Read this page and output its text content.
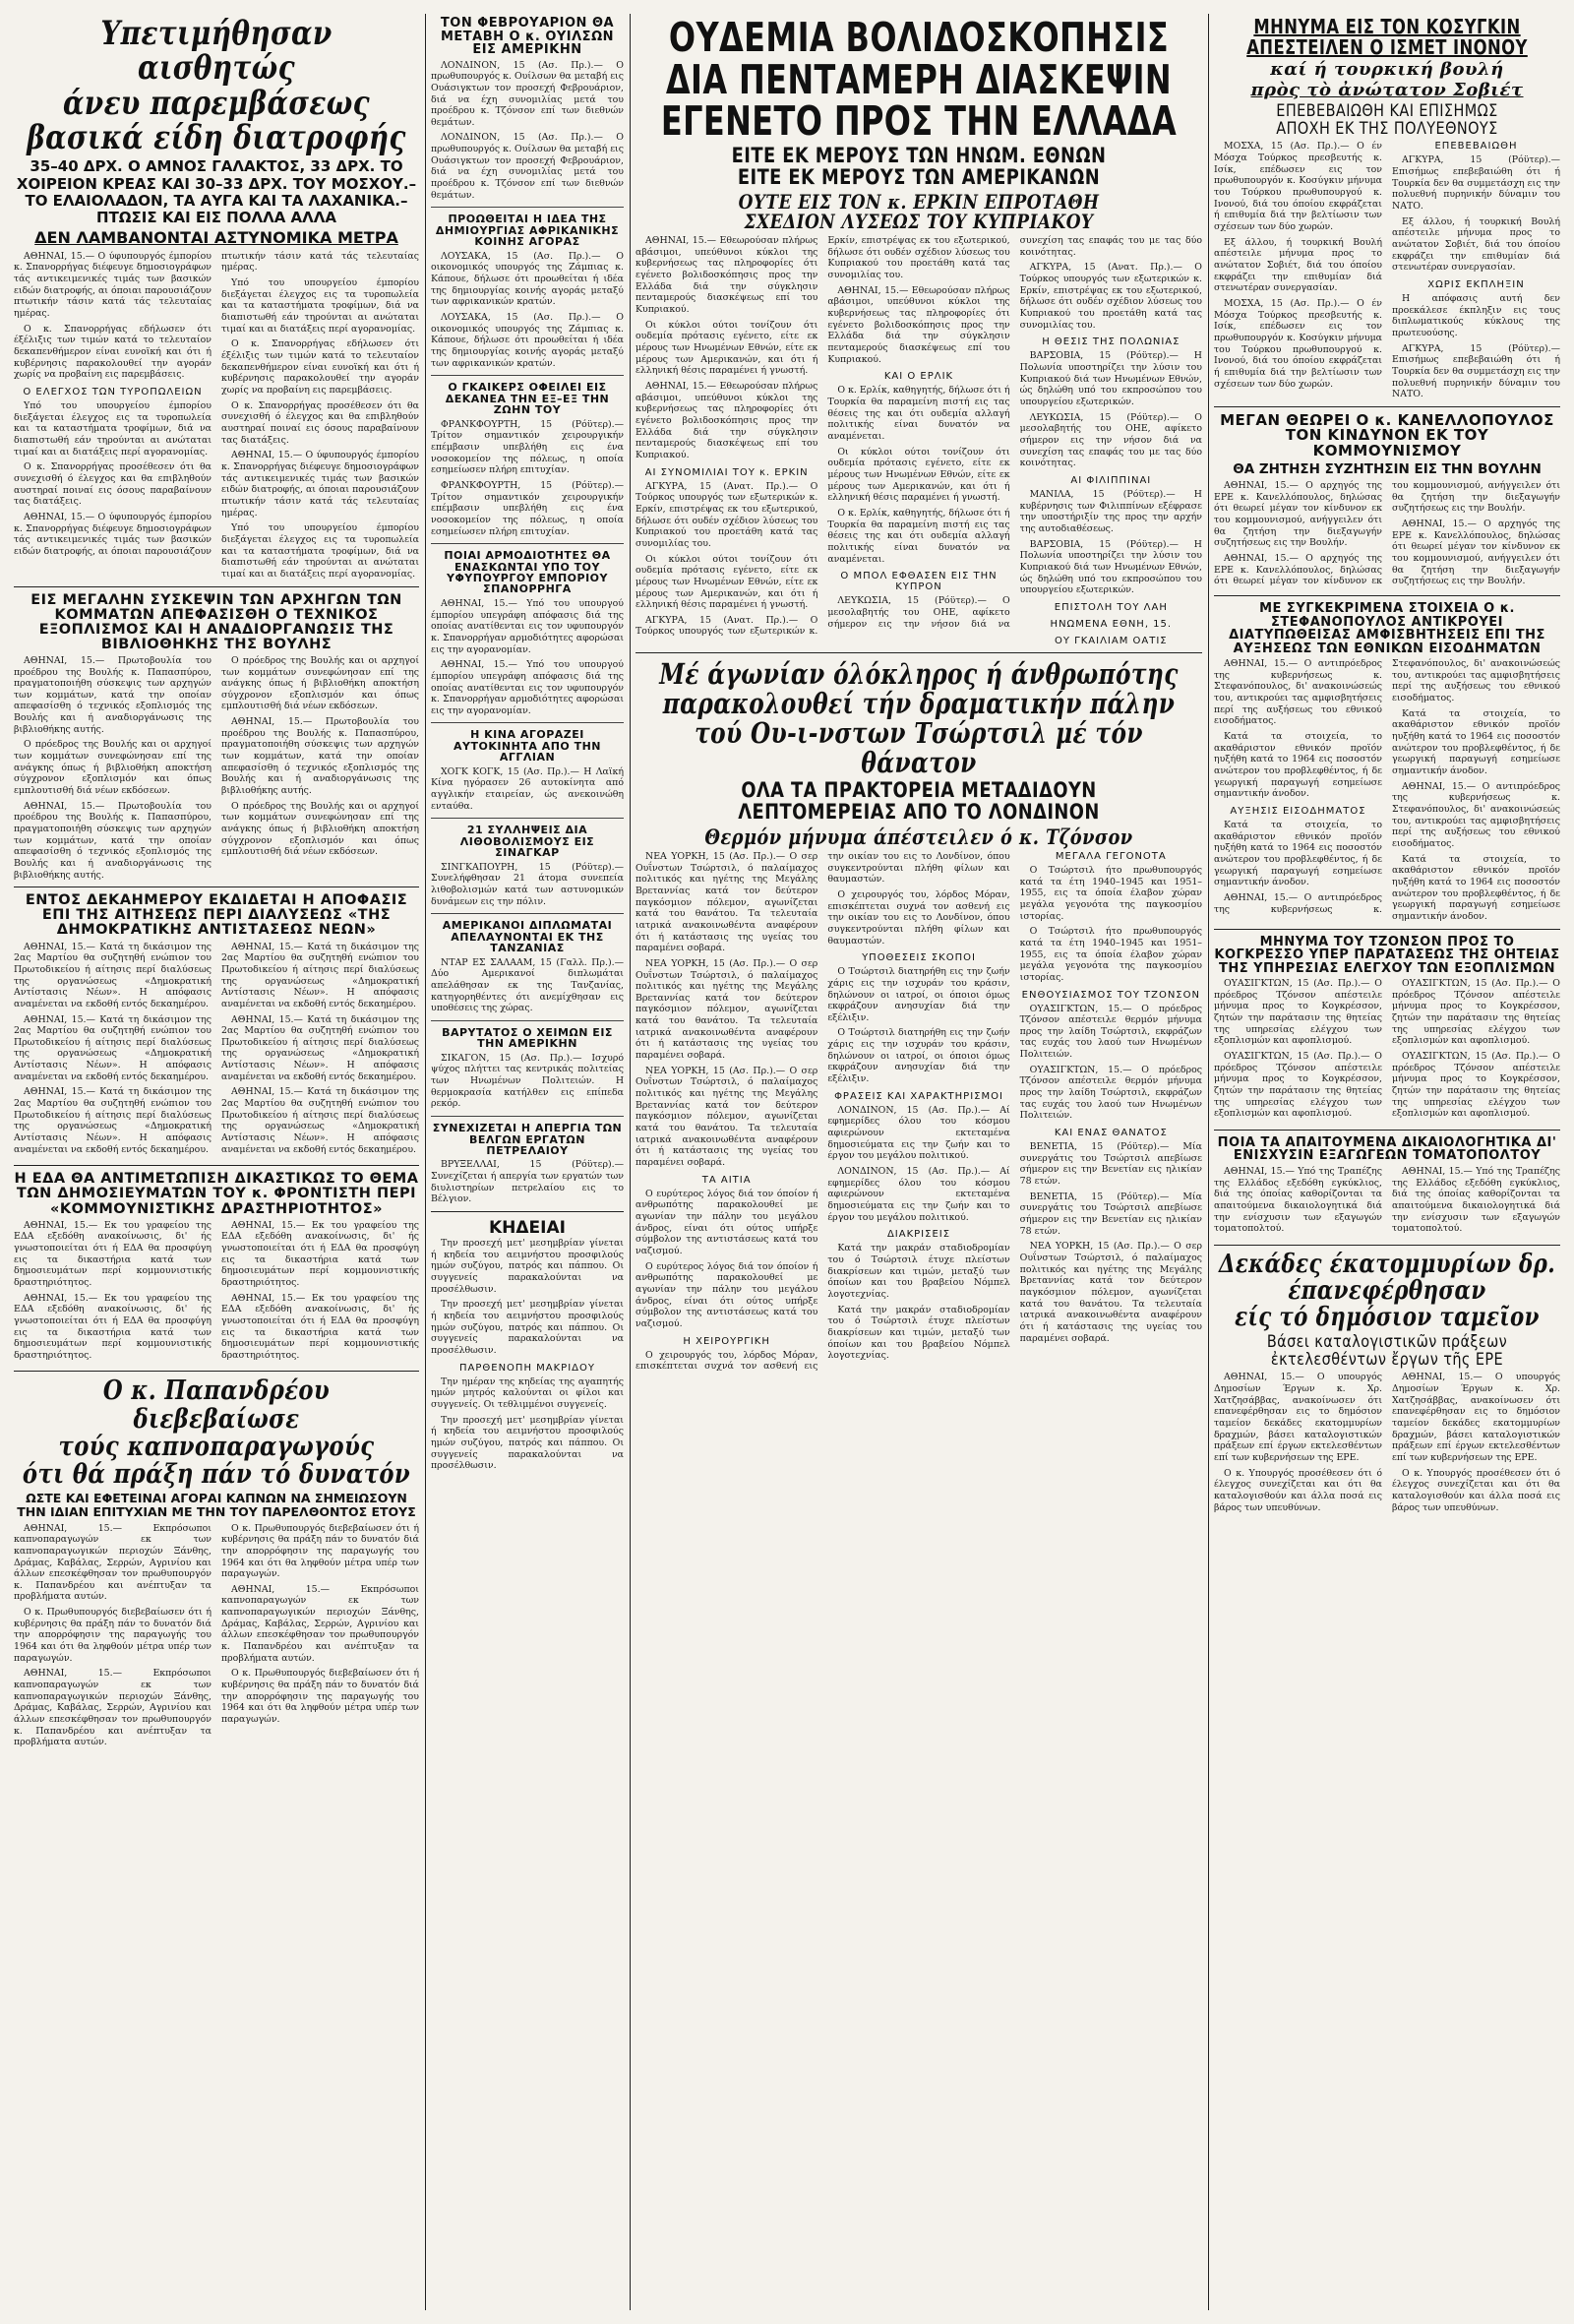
Υπετιμήθησαν αισθητώς
άνευ παρεμβάσεως
βασικά είδη διατροφής
35–40 ΔΡΧ. Ο ΑΜΝΟΣ ΓΑΛΑΚΤΟΣ, 33 ΔΡΧ. ΤΟ ΧΟΙΡΕΙΟΝ ΚΡΕΑΣ ΚΑΙ 30–33 ΔΡΧ. ΤΟΥ ΜΟΣΧΟΥ.– ΤΟ ΕΛΑΙΟΛΑΔΟΝ, ΤΑ ΑΥΓΑ ΚΑΙ ΤΑ ΛΑΧΑΝΙΚΑ.– ΠΤΩΣΙΣ ΚΑΙ ΕΙΣ ΠΟΛΛΑ ΑΛΛΑ
ΔΕΝ ΛΑΜΒΑΝΟΝΤΑΙ ΑΣΤΥΝΟΜΙΚΑ ΜΕΤΡΑ

ΑΘΗΝΑΙ, 15.— Ο ύφυπουργός έμπορίου κ. Σπανορρήγας διέφευγε δημοσιογράφων τάς αντικειμενικές τιμάς των βασικών ειδών διατροφής, αι όποιαι παρουσιάζουν πτωτικήν τάσιν κατά τάς τελευταίας ημέρας.

Ο κ. Σπανορρήγας εδήλωσεν ότι έξέλιξις των τιμών κατά το τελευταίον δεκαπενθήμερον είναι ευνοϊκή και ότι ή κυβέρνησις παρακολουθεί την αγοράν χωρίς να προβαίνη εις παρεμβάσεις.

Ο ΕΛΕΓΧΟΣ ΤΩΝ ΤΥΡΟΠΩΛΕΙΩΝ

Υπό του υπουργείου έμπορίου διεξάγεται έλεγχος εις τα τυροπωλεία και τα καταστήματα τροφίμων, διά να διαπιστωθή εάν τηρούνται αι ανώταται τιμαί και αι διατάξεις περί αγορανομίας.

Ο κ. Σπανορρήγας προσέθεσεν ότι θα συνεχισθή ό έλεγχος και θα επιβληθούν αυστηραί ποιναί εις όσους παραβαίνουν τας διατάξεις.

ΑΘΗΝΑΙ, 15.— Ο ύφυπουργός έμπορίου κ. Σπανορρήγας διέφευγε δημοσιογράφων τάς αντικειμενικές τιμάς των βασικών ειδών διατροφής, αι όποιαι παρουσιάζουν πτωτικήν τάσιν κατά τάς τελευταίας ημέρας.

Υπό του υπουργείου έμπορίου διεξάγεται έλεγχος εις τα τυροπωλεία και τα καταστήματα τροφίμων, διά να διαπιστωθή εάν τηρούνται αι ανώταται τιμαί και αι διατάξεις περί αγορανομίας.

Ο κ. Σπανορρήγας εδήλωσεν ότι έξέλιξις των τιμών κατά το τελευταίον δεκαπενθήμερον είναι ευνοϊκή και ότι ή κυβέρνησις παρακολουθεί την αγοράν χωρίς να προβαίνη εις παρεμβάσεις.

Ο κ. Σπανορρήγας προσέθεσεν ότι θα συνεχισθή ό έλεγχος και θα επιβληθούν αυστηραί ποιναί εις όσους παραβαίνουν τας διατάξεις.

ΑΘΗΝΑΙ, 15.— Ο ύφυπουργός έμπορίου κ. Σπανορρήγας διέφευγε δημοσιογράφων τάς αντικειμενικές τιμάς των βασικών ειδών διατροφής, αι όποιαι παρουσιάζουν πτωτικήν τάσιν κατά τάς τελευταίας ημέρας.

Υπό του υπουργείου έμπορίου διεξάγεται έλεγχος εις τα τυροπωλεία και τα καταστήματα τροφίμων, διά να διαπιστωθή εάν τηρούνται αι ανώταται τιμαί και αι διατάξεις περί αγορανομίας.

ΕΙΣ ΜΕΓΑΛΗΝ ΣΥΣΚΕΨΙΝ ΤΩΝ ΑΡΧΗΓΩΝ ΤΩΝ ΚΟΜΜΑΤΩΝ ΑΠΕΦΑΣΙΣΘΗ Ο ΤΕΧΝΙΚΟΣ ΕΞΟΠΛΙΣΜΟΣ ΚΑΙ Η ΑΝΑΔΙΟΡΓΑΝΩΣΙΣ ΤΗΣ ΒΙΒΛΙΟΘΗΚΗΣ ΤΗΣ ΒΟΥΛΗΣ

ΑΘΗΝΑΙ, 15.— Πρωτοβουλία του προέδρου της Βουλής κ. Παπασπύρου, πραγματοποιήθη σύσκεψις των αρχηγών των κομμάτων, κατά την οποίαν απεφασίσθη ό τεχνικός εξοπλισμός της Βουλής και ή αναδιοργάνωσις της βιβλιοθήκης αυτής.

Ο πρόεδρος της Βουλής και οι αρχηγοί των κομμάτων συνεφώνησαν επί της ανάγκης όπως ή βιβλιοθήκη αποκτήση σύγχρονον εξοπλισμόν και όπως εμπλουτισθή διά νέων εκδόσεων.

ΑΘΗΝΑΙ, 15.— Πρωτοβουλία του προέδρου της Βουλής κ. Παπασπύρου, πραγματοποιήθη σύσκεψις των αρχηγών των κομμάτων, κατά την οποίαν απεφασίσθη ό τεχνικός εξοπλισμός της Βουλής και ή αναδιοργάνωσις της βιβλιοθήκης αυτής.

Ο πρόεδρος της Βουλής και οι αρχηγοί των κομμάτων συνεφώνησαν επί της ανάγκης όπως ή βιβλιοθήκη αποκτήση σύγχρονον εξοπλισμόν και όπως εμπλουτισθή διά νέων εκδόσεων.

ΑΘΗΝΑΙ, 15.— Πρωτοβουλία του προέδρου της Βουλής κ. Παπασπύρου, πραγματοποιήθη σύσκεψις των αρχηγών των κομμάτων, κατά την οποίαν απεφασίσθη ό τεχνικός εξοπλισμός της Βουλής και ή αναδιοργάνωσις της βιβλιοθήκης αυτής.

Ο πρόεδρος της Βουλής και οι αρχηγοί των κομμάτων συνεφώνησαν επί της ανάγκης όπως ή βιβλιοθήκη αποκτήση σύγχρονον εξοπλισμόν και όπως εμπλουτισθή διά νέων εκδόσεων.

ΕΝΤΟΣ ΔΕΚΑΗΜΕΡΟΥ ΕΚΔΙΔΕΤΑΙ Η ΑΠΟΦΑΣΙΣ ΕΠΙ ΤΗΣ ΑΙΤΗΣΕΩΣ ΠΕΡΙ ΔΙΑΛΥΣΕΩΣ «ΤΗΣ ΔΗΜΟΚΡΑΤΙΚΗΣ ΑΝΤΙΣΤΑΣΕΩΣ ΝΕΩΝ»

ΑΘΗΝΑΙ, 15.— Κατά τη δικάσιμον της 2ας Μαρτίου θα συζητηθή ενώπιον του Πρωτοδικείου ή αίτησις περί διαλύσεως της οργανώσεως «Δημοκρατική Αντίστασις Νέων». Η απόφασις αναμένεται να εκδοθή εντός δεκαημέρου.

ΑΘΗΝΑΙ, 15.— Κατά τη δικάσιμον της 2ας Μαρτίου θα συζητηθή ενώπιον του Πρωτοδικείου ή αίτησις περί διαλύσεως της οργανώσεως «Δημοκρατική Αντίστασις Νέων». Η απόφασις αναμένεται να εκδοθή εντός δεκαημέρου.

ΑΘΗΝΑΙ, 15.— Κατά τη δικάσιμον της 2ας Μαρτίου θα συζητηθή ενώπιον του Πρωτοδικείου ή αίτησις περί διαλύσεως της οργανώσεως «Δημοκρατική Αντίστασις Νέων». Η απόφασις αναμένεται να εκδοθή εντός δεκαημέρου.

ΑΘΗΝΑΙ, 15.— Κατά τη δικάσιμον της 2ας Μαρτίου θα συζητηθή ενώπιον του Πρωτοδικείου ή αίτησις περί διαλύσεως της οργανώσεως «Δημοκρατική Αντίστασις Νέων». Η απόφασις αναμένεται να εκδοθή εντός δεκαημέρου.

ΑΘΗΝΑΙ, 15.— Κατά τη δικάσιμον της 2ας Μαρτίου θα συζητηθή ενώπιον του Πρωτοδικείου ή αίτησις περί διαλύσεως της οργανώσεως «Δημοκρατική Αντίστασις Νέων». Η απόφασις αναμένεται να εκδοθή εντός δεκαημέρου.

ΑΘΗΝΑΙ, 15.— Κατά τη δικάσιμον της 2ας Μαρτίου θα συζητηθή ενώπιον του Πρωτοδικείου ή αίτησις περί διαλύσεως της οργανώσεως «Δημοκρατική Αντίστασις Νέων». Η απόφασις αναμένεται να εκδοθή εντός δεκαημέρου.

Η ΕΔΑ ΘΑ ΑΝΤΙΜΕΤΩΠΙΣΗ ΔΙΚΑΣΤΙΚΩΣ ΤΟ ΘΕΜΑ ΤΩΝ ΔΗΜΟΣΙΕΥΜΑΤΩΝ ΤΟΥ κ. ΦΡΟΝΤΙΣΤΗ ΠΕΡΙ «ΚΟΜΜΟΥΝΙΣΤΙΚΗΣ ΔΡΑΣΤΗΡΙΟΤΗΤΟΣ»

ΑΘΗΝΑΙ, 15.— Εκ του γραφείου της ΕΔΑ εξεδόθη ανακοίνωσις, δι' ής γνωστοποιείται ότι ή ΕΔΑ θα προσφύγη εις τα δικαστήρια κατά των δημοσιευμάτων περί κομμουνιστικής δραστηριότητος.

ΑΘΗΝΑΙ, 15.— Εκ του γραφείου της ΕΔΑ εξεδόθη ανακοίνωσις, δι' ής γνωστοποιείται ότι ή ΕΔΑ θα προσφύγη εις τα δικαστήρια κατά των δημοσιευμάτων περί κομμουνιστικής δραστηριότητος.

ΑΘΗΝΑΙ, 15.— Εκ του γραφείου της ΕΔΑ εξεδόθη ανακοίνωσις, δι' ής γνωστοποιείται ότι ή ΕΔΑ θα προσφύγη εις τα δικαστήρια κατά των δημοσιευμάτων περί κομμουνιστικής δραστηριότητος.

ΑΘΗΝΑΙ, 15.— Εκ του γραφείου της ΕΔΑ εξεδόθη ανακοίνωσις, δι' ής γνωστοποιείται ότι ή ΕΔΑ θα προσφύγη εις τα δικαστήρια κατά των δημοσιευμάτων περί κομμουνιστικής δραστηριότητος.

Ο κ. Παπανδρέου διεβεβαίωσε
τούς καπνοπαραγωγούς
ότι θά πράξη πάν τό δυνατόν
ΩΣΤΕ ΚΑΙ ΕΦΕΤΕΙΝΑΙ ΑΓΟΡΑΙ ΚΑΠΝΩΝ ΝΑ ΣΗΜΕΙΩΣΟΥΝ ΤΗΝ ΙΔΙΑΝ ΕΠΙΤΥΧΙΑΝ ΜΕ ΤΗΝ ΤΟΥ ΠΑΡΕΛΘΟΝΤΟΣ ΕΤΟΥΣ

ΑΘΗΝΑΙ, 15.— Εκπρόσωποι καπνοπαραγωγών εκ των καπνοπαραγωγικών περιοχών Ξάνθης, Δράμας, Καβάλας, Σερρών, Αγρινίου και άλλων επεσκέφθησαν τον πρωθυπουργόν κ. Παπανδρέου και ανέπτυξαν τα προβλήματα αυτών.

Ο κ. Πρωθυπουργός διεβεβαίωσεν ότι ή κυβέρνησις θα πράξη πάν το δυνατόν διά την απορρόφησιν της παραγωγής του 1964 και ότι θα ληφθούν μέτρα υπέρ των παραγωγών.

ΑΘΗΝΑΙ, 15.— Εκπρόσωποι καπνοπαραγωγών εκ των καπνοπαραγωγικών περιοχών Ξάνθης, Δράμας, Καβάλας, Σερρών, Αγρινίου και άλλων επεσκέφθησαν τον πρωθυπουργόν κ. Παπανδρέου και ανέπτυξαν τα προβλήματα αυτών.

Ο κ. Πρωθυπουργός διεβεβαίωσεν ότι ή κυβέρνησις θα πράξη πάν το δυνατόν διά την απορρόφησιν της παραγωγής του 1964 και ότι θα ληφθούν μέτρα υπέρ των παραγωγών.

ΑΘΗΝΑΙ, 15.— Εκπρόσωποι καπνοπαραγωγών εκ των καπνοπαραγωγικών περιοχών Ξάνθης, Δράμας, Καβάλας, Σερρών, Αγρινίου και άλλων επεσκέφθησαν τον πρωθυπουργόν κ. Παπανδρέου και ανέπτυξαν τα προβλήματα αυτών.

Ο κ. Πρωθυπουργός διεβεβαίωσεν ότι ή κυβέρνησις θα πράξη πάν το δυνατόν διά την απορρόφησιν της παραγωγής του 1964 και ότι θα ληφθούν μέτρα υπέρ των παραγωγών.

ΤΟΝ ΦΕΒΡΟΥΑΡΙΟΝ ΘΑ ΜΕΤΑΒΗ Ο κ. ΟΥΙΛΣΩΝ ΕΙΣ ΑΜΕΡΙΚΗΝ

ΛΟΝΔΙΝΟΝ, 15 (Ασ. Πρ.).— Ο πρωθυπουργός κ. Ουίλσων θα μεταβή εις Ουάσιγκτων τον προσεχή Φεβρουάριον, διά να έχη συνομιλίας μετά του προέδρου κ. Τζόνσον επί των διεθνών θεμάτων.

ΛΟΝΔΙΝΟΝ, 15 (Ασ. Πρ.).— Ο πρωθυπουργός κ. Ουίλσων θα μεταβή εις Ουάσιγκτων τον προσεχή Φεβρουάριον, διά να έχη συνομιλίας μετά του προέδρου κ. Τζόνσον επί των διεθνών θεμάτων.

ΠΡΟΩΘΕΙΤΑΙ Η ΙΔΕΑ ΤΗΣ ΔΗΜΙΟΥΡΓΙΑΣ ΑΦΡΙΚΑΝΙΚΗΣ ΚΟΙΝΗΣ ΑΓΟΡΑΣ

ΛΟΥΣΑΚΑ, 15 (Ασ. Πρ.).— Ο οικονομικός υπουργός της Ζάμπιας κ. Κάπουε, δήλωσε ότι προωθείται ή ιδέα της δημιουργίας κοινής αγοράς μεταξύ των αφρικανικών κρατών.

ΛΟΥΣΑΚΑ, 15 (Ασ. Πρ.).— Ο οικονομικός υπουργός της Ζάμπιας κ. Κάπουε, δήλωσε ότι προωθείται ή ιδέα της δημιουργίας κοινής αγοράς μεταξύ των αφρικανικών κρατών.

Ο ΓΚΑΙΚΕΡΣ ΟΦΕΙΛΕΙ ΕΙΣ ΔΕΚΑΝΕΑ ΤΗΝ ΕΞ–ΕΞ ΤΗΝ ΖΩΗΝ ΤΟΥ

ΦΡΑΝΚΦΟΥΡΤΗ, 15 (Ρόϋτερ).— Τρίτον σημαντικόν χειρουργικήν επέμβασιν υπεβλήθη εις ένα νοσοκομείον της πόλεως, η οποία εσημείωσεν πλήρη επιτυχίαν.

ΦΡΑΝΚΦΟΥΡΤΗ, 15 (Ρόϋτερ).— Τρίτον σημαντικόν χειρουργικήν επέμβασιν υπεβλήθη εις ένα νοσοκομείον της πόλεως, η οποία εσημείωσεν πλήρη επιτυχίαν.

ΠΟΙΑΙ ΑΡΜΟΔΙΟΤΗΤΕΣ ΘΑ ΕΝΑΣΚΩΝΤΑΙ ΥΠΟ ΤΟΥ ΥΦΥΠΟΥΡΓΟΥ ΕΜΠΟΡΙΟΥ ΣΠΑΝΟΡΡΗΓΑ

ΑΘΗΝΑΙ, 15.— Υπό του υπουργού έμπορίου υπεγράφη απόφασις διά της οποίας ανατίθενται εις τον υφυπουργόν κ. Σπανορρήγαν αρμοδιότητες αφορώσαι εις την αγορανομίαν.

ΑΘΗΝΑΙ, 15.— Υπό του υπουργού έμπορίου υπεγράφη απόφασις διά της οποίας ανατίθενται εις τον υφυπουργόν κ. Σπανορρήγαν αρμοδιότητες αφορώσαι εις την αγορανομίαν.

Η ΚΙΝΑ ΑΓΟΡΑΖΕΙ ΑΥΤΟΚΙΝΗΤΑ ΑΠΟ ΤΗΝ ΑΓΓΛΙΑΝ

ΧΟΓΚ ΚΟΓΚ, 15 (Ασ. Πρ.).— Η Λαϊκή Κίνα ηγόρασεν 26 αυτοκίνητα από αγγλικήν εταιρείαν, ώς ανεκοινώθη ενταύθα.

21 ΣΥΛΛΗΨΕΙΣ ΔΙΑ ΛΙΘΟΒΟΛΙΣΜΟΥΣ ΕΙΣ ΣΙΝΑΓΚΑΡ

ΣΙΝΓΚΑΠΟΥΡΗ, 15 (Ρόϋτερ).— Συνελήφθησαν 21 άτομα συνεπεία λιθοβολισμών κατά των αστυνομικών δυνάμεων εις την πόλιν.

ΑΜΕΡΙΚΑΝΟΙ ΔΙΠΛΩΜΑΤΑΙ ΑΠΕΛΑΥΝΟΝΤΑΙ ΕΚ ΤΗΣ ΤΑΝΖΑΝΙΑΣ

ΝΤΑΡ ΕΣ ΣΑΛΑΑΜ, 15 (Γαλλ. Πρ.).— Δύο Αμερικανοί διπλωμάται απελάθησαν εκ της Τανζανίας, κατηγορηθέντες ότι ανεμίχθησαν εις υποθέσεις της χώρας.

ΒΑΡΥΤΑΤΟΣ Ο ΧΕΙΜΩΝ ΕΙΣ ΤΗΝ ΑΜΕΡΙΚΗΝ

ΣΙΚΑΓΟΝ, 15 (Ασ. Πρ.).— Ισχυρό ψύχος πλήττει τας κεντρικάς πολιτείας των Ηνωμένων Πολιτειών. Η θερμοκρασία κατήλθεν εις επίπεδα ρεκόρ.

ΣΥΝΕΧΙΖΕΤΑΙ Η ΑΠΕΡΓΙΑ ΤΩΝ ΒΕΛΓΩΝ ΕΡΓΑΤΩΝ ΠΕΤΡΕΛΑΙΟΥ

ΒΡΥΞΕΛΛΑΙ, 15 (Ρόϋτερ).— Συνεχίζεται ή απεργία των εργατών των διυλιστηρίων πετρελαίου εις το Βέλγιον.

ΚΗΔΕΙΑΙ

Την προσεχή μετ' μεσημβρίαν γίνεται ή κηδεία του αειμνήστου προσφιλούς ημών συζύγου, πατρός και πάππου. Οι συγγενείς παρακαλούνται να προσέλθωσιν.

Την προσεχή μετ' μεσημβρίαν γίνεται ή κηδεία του αειμνήστου προσφιλούς ημών συζύγου, πατρός και πάππου. Οι συγγενείς παρακαλούνται να προσέλθωσιν.

ΠΑΡΘΕΝΟΠΗ ΜΑΚΡΙΔΟΥ

Την ημέραν της κηδείας της αγαπητής ημών μητρός καλούνται οι φίλοι και συγγενείς. Οι τεθλιμμένοι συγγενείς.

Την προσεχή μετ' μεσημβρίαν γίνεται ή κηδεία του αειμνήστου προσφιλούς ημών συζύγου, πατρός και πάππου. Οι συγγενείς παρακαλούνται να προσέλθωσιν.

ΟΥΔΕΜΙΑ ΒΟΛΙΔΟΣΚΟΠΗΣΙΣ
ΔΙΑ ΠΕΝΤΑΜΕΡΗ ΔΙΑΣΚΕΨΙΝ
ΕΓΕΝΕΤΟ ΠΡΟΣ ΤΗΝ ΕΛΛΑΔΑ
ΕΙΤΕ ΕΚ ΜΕΡΟΥΣ ΤΩΝ ΗΝΩΜ. ΕΘΝΩΝ
ΕΙΤΕ ΕΚ ΜΕΡΟΥΣ ΤΩΝ ΑΜΕΡΙΚΑΝΩΝ
ΟΥΤΕ ΕΙΣ ΤΟΝ κ. ΕΡΚΙΝ ΕΠΡΟΤΑΘΗ
ΣΧΕΔΙΟΝ ΛΥΣΕΩΣ ΤΟΥ ΚΥΠΡΙΑΚΟΥ

ΑΘΗΝΑΙ, 15.— Εθεωρούσαν πλήρως αβάσιμοι, υπεύθυνοι κύκλοι της κυβερνήσεως τας πληροφορίες ότι εγένετο βολιδοσκόπησις προς την Ελλάδα διά την σύγκλησιν πενταμερούς διασκέψεως επί του Κυπριακού.

Οι κύκλοι ούτοι τονίζουν ότι ουδεμία πρότασις εγένετο, είτε εκ μέρους των Ηνωμένων Εθνών, είτε εκ μέρους των Αμερικανών, και ότι ή ελληνική θέσις παραμένει ή γνωστή.

ΑΘΗΝΑΙ, 15.— Εθεωρούσαν πλήρως αβάσιμοι, υπεύθυνοι κύκλοι της κυβερνήσεως τας πληροφορίες ότι εγένετο βολιδοσκόπησις προς την Ελλάδα διά την σύγκλησιν πενταμερούς διασκέψεως επί του Κυπριακού.

ΑΙ ΣΥΝΟΜΙΛΙΑΙ ΤΟΥ κ. ΕΡΚΙΝ

ΑΓΚΥΡΑ, 15 (Ανατ. Πρ.).— Ο Τούρκος υπουργός των εξωτερικών κ. Ερκίν, επιστρέψας εκ του εξωτερικού, δήλωσε ότι ουδέν σχέδιον λύσεως του Κυπριακού του προετάθη κατά τας συνομιλίας του.

Οι κύκλοι ούτοι τονίζουν ότι ουδεμία πρότασις εγένετο, είτε εκ μέρους των Ηνωμένων Εθνών, είτε εκ μέρους των Αμερικανών, και ότι ή ελληνική θέσις παραμένει ή γνωστή.

ΑΓΚΥΡΑ, 15 (Ανατ. Πρ.).— Ο Τούρκος υπουργός των εξωτερικών κ. Ερκίν, επιστρέψας εκ του εξωτερικού, δήλωσε ότι ουδέν σχέδιον λύσεως του Κυπριακού του προετάθη κατά τας συνομιλίας του.

ΑΘΗΝΑΙ, 15.— Εθεωρούσαν πλήρως αβάσιμοι, υπεύθυνοι κύκλοι της κυβερνήσεως τας πληροφορίες ότι εγένετο βολιδοσκόπησις προς την Ελλάδα διά την σύγκλησιν πενταμερούς διασκέψεως επί του Κυπριακού.

ΚΑΙ Ο ΕΡΛΙΚ

Ο κ. Ερλίκ, καθηγητής, δήλωσε ότι ή Τουρκία θα παραμείνη πιστή εις τας θέσεις της και ότι ουδεμία αλλαγή πολιτικής είναι δυνατόν να αναμένεται.

Οι κύκλοι ούτοι τονίζουν ότι ουδεμία πρότασις εγένετο, είτε εκ μέρους των Ηνωμένων Εθνών, είτε εκ μέρους των Αμερικανών, και ότι ή ελληνική θέσις παραμένει ή γνωστή.

Ο κ. Ερλίκ, καθηγητής, δήλωσε ότι ή Τουρκία θα παραμείνη πιστή εις τας θέσεις της και ότι ουδεμία αλλαγή πολιτικής είναι δυνατόν να αναμένεται.

Ο ΜΠΟΛ ΕΦΘΑΣΕΝ ΕΙΣ ΤΗΝ ΚΥΠΡΟΝ

ΛΕΥΚΩΣΙΑ, 15 (Ρόϋτερ).— Ο μεσολαβητής του ΟΗΕ, αφίκετο σήμερον εις την νήσον διά να συνεχίση τας επαφάς του με τας δύο κοινότητας.

ΑΓΚΥΡΑ, 15 (Ανατ. Πρ.).— Ο Τούρκος υπουργός των εξωτερικών κ. Ερκίν, επιστρέψας εκ του εξωτερικού, δήλωσε ότι ουδέν σχέδιον λύσεως του Κυπριακού του προετάθη κατά τας συνομιλίας του.

Η ΘΕΣΙΣ ΤΗΣ ΠΟΛΩΝΙΑΣ

ΒΑΡΣΟΒΙΑ, 15 (Ρόϋτερ).— Η Πολωνία υποστηρίζει την λύσιν του Κυπριακού διά των Ηνωμένων Εθνών, ώς δηλώθη υπό του εκπροσώπου του υπουργείου εξωτερικών.

ΛΕΥΚΩΣΙΑ, 15 (Ρόϋτερ).— Ο μεσολαβητής του ΟΗΕ, αφίκετο σήμερον εις την νήσον διά να συνεχίση τας επαφάς του με τας δύο κοινότητας.

ΑΙ ΦΙΛΙΠΠΙΝΑΙ

ΜΑΝΙΛΑ, 15 (Ρόϋτερ).— Η κυβέρνησις των Φιλιππίνων εξέφρασε την υποστήριξίν της προς την αρχήν της αυτοδιαθέσεως.

ΒΑΡΣΟΒΙΑ, 15 (Ρόϋτερ).— Η Πολωνία υποστηρίζει την λύσιν του Κυπριακού διά των Ηνωμένων Εθνών, ώς δηλώθη υπό του εκπροσώπου του υπουργείου εξωτερικών.

ΕΠΙΣΤΟΛΗ ΤΟΥ ΛΑΗ
ΗΝΩΜΕΝΑ ΕΘΝΗ, 15.
ΟΥ ΓΚΑΙΛΙΑΜ ΟΑΤΙΣ
Μέ άγωνίαν όλόκληρος ή άνθρωπότης
παρακολουθεί τήν δραματικήν πάλην
τού Ου-ι-νστων Τσώρτσιλ μέ τόν θάνατον
ΟΛΑ ΤΑ ΠΡΑΚΤΟΡΕΙΑ ΜΕΤΑΔΙΔΟΥΝ
ΛΕΠΤΟΜΕΡΕΙΑΣ ΑΠΟ ΤΟ ΛΟΝΔΙΝΟΝ
Θερμόν μήνυμα άπέστειλεν ό κ. Τζόνσον

ΝΕΑ ΥΟΡΚΗ, 15 (Ασ. Πρ.).— Ο σερ Ουΐνστων Τσώρτσιλ, ό παλαίμαχος πολιτικός και ηγέτης της Μεγάλης Βρεταννίας κατά τον δεύτερον παγκόσμιον πόλεμον, αγωνίζεται κατά του θανάτου. Τα τελευταία ιατρικά ανακοινωθέντα αναφέρουν ότι ή κατάστασις της υγείας του παραμένει σοβαρά.

ΝΕΑ ΥΟΡΚΗ, 15 (Ασ. Πρ.).— Ο σερ Ουΐνστων Τσώρτσιλ, ό παλαίμαχος πολιτικός και ηγέτης της Μεγάλης Βρεταννίας κατά τον δεύτερον παγκόσμιον πόλεμον, αγωνίζεται κατά του θανάτου. Τα τελευταία ιατρικά ανακοινωθέντα αναφέρουν ότι ή κατάστασις της υγείας του παραμένει σοβαρά.

ΝΕΑ ΥΟΡΚΗ, 15 (Ασ. Πρ.).— Ο σερ Ουΐνστων Τσώρτσιλ, ό παλαίμαχος πολιτικός και ηγέτης της Μεγάλης Βρεταννίας κατά τον δεύτερον παγκόσμιον πόλεμον, αγωνίζεται κατά του θανάτου. Τα τελευταία ιατρικά ανακοινωθέντα αναφέρουν ότι ή κατάστασις της υγείας του παραμένει σοβαρά.

ΤΑ ΑΙΤΙΑ

Ο ευρύτερος λόγος διά τον όποίον ή ανθρωπότης παρακολουθεί με αγωνίαν την πάλην του μεγάλου άνδρος, είναι ότι ούτος υπήρξε σύμβολον της αντιστάσεως κατά του ναζισμού.

Ο ευρύτερος λόγος διά τον όποίον ή ανθρωπότης παρακολουθεί με αγωνίαν την πάλην του μεγάλου άνδρος, είναι ότι ούτος υπήρξε σύμβολον της αντιστάσεως κατά του ναζισμού.

Η ΧΕΙΡΟΥΡΓΙΚΗ

Ο χειρουργός του, λόρδος Μόραν, επισκέπτεται συχνά τον ασθενή εις την οικίαν του εις το Λονδίνον, όπου συγκεντρούνται πλήθη φίλων και θαυμαστών.

Ο χειρουργός του, λόρδος Μόραν, επισκέπτεται συχνά τον ασθενή εις την οικίαν του εις το Λονδίνον, όπου συγκεντρούνται πλήθη φίλων και θαυμαστών.

ΥΠΟΘΕΣΕΙΣ ΣΚΟΠΟΙ

Ο Τσώρτσιλ διατηρήθη εις την ζωήν χάρις εις την ισχυράν του κράσιν, δηλώνουν οι ιατροί, οι όποιοι όμως εκφράζουν ανησυχίαν διά την εξέλιξιν.

Ο Τσώρτσιλ διατηρήθη εις την ζωήν χάρις εις την ισχυράν του κράσιν, δηλώνουν οι ιατροί, οι όποιοι όμως εκφράζουν ανησυχίαν διά την εξέλιξιν.

ΦΡΑΣΕΙΣ ΚΑΙ ΧΑΡΑΚΤΗΡΙΣΜΟΙ

ΛΟΝΔΙΝΟΝ, 15 (Ασ. Πρ.).— Αί εφημερίδες όλου του κόσμου αφιερώνουν εκτεταμένα δημοσιεύματα εις την ζωήν και το έργον του μεγάλου πολιτικού.

ΛΟΝΔΙΝΟΝ, 15 (Ασ. Πρ.).— Αί εφημερίδες όλου του κόσμου αφιερώνουν εκτεταμένα δημοσιεύματα εις την ζωήν και το έργον του μεγάλου πολιτικού.

ΔΙΑΚΡΙΣΕΙΣ

Κατά την μακράν σταδιοδρομίαν του ό Τσώρτσιλ έτυχε πλείστων διακρίσεων και τιμών, μεταξύ των όποίων και του βραβείου Νόμπελ λογοτεχνίας.

Κατά την μακράν σταδιοδρομίαν του ό Τσώρτσιλ έτυχε πλείστων διακρίσεων και τιμών, μεταξύ των όποίων και του βραβείου Νόμπελ λογοτεχνίας.

ΜΕΓΑΛΑ ΓΕΓΟΝΟΤΑ

Ο Τσώρτσιλ ήτο πρωθυπουργός κατά τα έτη 1940–1945 και 1951–1955, εις τα όποία έλαβον χώραν μεγάλα γεγονότα της παγκοσμίου ιστορίας.

Ο Τσώρτσιλ ήτο πρωθυπουργός κατά τα έτη 1940–1945 και 1951–1955, εις τα όποία έλαβον χώραν μεγάλα γεγονότα της παγκοσμίου ιστορίας.

ΕΝΘΟΥΣΙΑΣΜΟΣ ΤΟΥ ΤΖΟΝΣΟΝ

ΟΥΑΣΙΓΚΤΩΝ, 15.— Ο πρόεδρος Τζόνσον απέστειλε θερμόν μήνυμα προς την λαίδη Τσώρτσιλ, εκφράζων τας ευχάς του λαού των Ηνωμένων Πολιτειών.

ΟΥΑΣΙΓΚΤΩΝ, 15.— Ο πρόεδρος Τζόνσον απέστειλε θερμόν μήνυμα προς την λαίδη Τσώρτσιλ, εκφράζων τας ευχάς του λαού των Ηνωμένων Πολιτειών.

ΚΑΙ ΕΝΑΣ ΘΑΝΑΤΟΣ

ΒΕΝΕΤΙΑ, 15 (Ρόϋτερ).— Μία συνεργάτις του Τσώρτσιλ απεβίωσε σήμερον εις την Βενετίαν εις ηλικίαν 78 ετών.

ΒΕΝΕΤΙΑ, 15 (Ρόϋτερ).— Μία συνεργάτις του Τσώρτσιλ απεβίωσε σήμερον εις την Βενετίαν εις ηλικίαν 78 ετών.

ΝΕΑ ΥΟΡΚΗ, 15 (Ασ. Πρ.).— Ο σερ Ουΐνστων Τσώρτσιλ, ό παλαίμαχος πολιτικός και ηγέτης της Μεγάλης Βρεταννίας κατά τον δεύτερον παγκόσμιον πόλεμον, αγωνίζεται κατά του θανάτου. Τα τελευταία ιατρικά ανακοινωθέντα αναφέρουν ότι ή κατάστασις της υγείας του παραμένει σοβαρά.

ΜΗΝΥΜΑ ΕΙΣ ΤΟΝ ΚΟΣΥΓΚΙΝ
ΑΠΕΣΤΕΙΛΕΝ Ο ΙΣΜΕΤ ΙΝΟΝΟΥ
καί ή τουρκική βουλή
πρὸς τὸ ἀνώτατον Σοβιέτ
ΕΠΕΒΕΒΑΙΩΘΗ ΚΑΙ ΕΠΙΣΗΜΩΣ
ΑΠΟΧΗ ΕΚ ΤΗΣ ΠΟΛΥΕΘΝΟΥΣ

ΜΟΣΧΑ, 15 (Ασ. Πρ.).— Ο έν Μόσχα Τούρκος πρεσβευτής κ. Ισίκ, επέδωσεν εις τον πρωθυπουργόν κ. Κοσύγκιν μήνυμα του Τούρκου πρωθυπουργού κ. Ινονού, διά του όποίου εκφράζεται ή επιθυμία διά την βελτίωσιν των σχέσεων των δύο χωρών.

Εξ άλλου, ή τουρκική Βουλή απέστειλε μήνυμα προς το ανώτατον Σοβιέτ, διά του όποίου εκφράζει την επιθυμίαν διά στενωτέραν συνεργασίαν.

ΜΟΣΧΑ, 15 (Ασ. Πρ.).— Ο έν Μόσχα Τούρκος πρεσβευτής κ. Ισίκ, επέδωσεν εις τον πρωθυπουργόν κ. Κοσύγκιν μήνυμα του Τούρκου πρωθυπουργού κ. Ινονού, διά του όποίου εκφράζεται ή επιθυμία διά την βελτίωσιν των σχέσεων των δύο χωρών.

ΕΠΕΒΕΒΑΙΩΘΗ

ΑΓΚΥΡΑ, 15 (Ρόϋτερ).— Επισήμως επεβεβαιώθη ότι ή Τουρκία δεν θα συμμετάσχη εις την πολυεθνή πυρηνικήν δύναμιν του ΝΑΤΟ.

Εξ άλλου, ή τουρκική Βουλή απέστειλε μήνυμα προς το ανώτατον Σοβιέτ, διά του όποίου εκφράζει την επιθυμίαν διά στενωτέραν συνεργασίαν.

ΧΩΡΙΣ ΕΚΠΛΗΞΙΝ

Η απόφασις αυτή δεν προεκάλεσε έκπληξιν εις τους διπλωματικούς κύκλους της πρωτευούσης.

ΑΓΚΥΡΑ, 15 (Ρόϋτερ).— Επισήμως επεβεβαιώθη ότι ή Τουρκία δεν θα συμμετάσχη εις την πολυεθνή πυρηνικήν δύναμιν του ΝΑΤΟ.

ΜΕΓΑΝ ΘΕΩΡΕΙ Ο κ. ΚΑΝΕΛΛΟΠΟΥΛΟΣ ΤΟΝ ΚΙΝΔΥΝΟΝ ΕΚ ΤΟΥ ΚΟΜΜΟΥΝΙΣΜΟΥ
ΘΑ ΖΗΤΗΣΗ ΣΥΖΗΤΗΣΙΝ ΕΙΣ ΤΗΝ ΒΟΥΛΗΝ

ΑΘΗΝΑΙ, 15.— Ο αρχηγός της ΕΡΕ κ. Κανελλόπουλος, δηλώσας ότι θεωρεί μέγαν τον κίνδυνον εκ του κομμουνισμού, ανήγγειλεν ότι θα ζητήση την διεξαγωγήν συζητήσεως εις την Βουλήν.

ΑΘΗΝΑΙ, 15.— Ο αρχηγός της ΕΡΕ κ. Κανελλόπουλος, δηλώσας ότι θεωρεί μέγαν τον κίνδυνον εκ του κομμουνισμού, ανήγγειλεν ότι θα ζητήση την διεξαγωγήν συζητήσεως εις την Βουλήν.

ΑΘΗΝΑΙ, 15.— Ο αρχηγός της ΕΡΕ κ. Κανελλόπουλος, δηλώσας ότι θεωρεί μέγαν τον κίνδυνον εκ του κομμουνισμού, ανήγγειλεν ότι θα ζητήση την διεξαγωγήν συζητήσεως εις την Βουλήν.

ΜΕ ΣΥΓΚΕΚΡΙΜΕΝΑ ΣΤΟΙΧΕΙΑ Ο κ. ΣΤΕΦΑΝΟΠΟΥΛΟΣ ΑΝΤΙΚΡΟΥΕΙ ΔΙΑΤΥΠΩΘΕΙΣΑΣ ΑΜΦΙΣΒΗΤΗΣΕΙΣ ΕΠΙ ΤΗΣ ΑΥΞΗΣΕΩΣ ΤΩΝ ΕΘΝΙΚΩΝ ΕΙΣΟΔΗΜΑΤΩΝ

ΑΘΗΝΑΙ, 15.— Ο αντιπρόεδρος της κυβερνήσεως κ. Στεφανόπουλος, δι' ανακοινώσεώς του, αντικρούει τας αμφισβητήσεις περί της αυξήσεως του εθνικού εισοδήματος.

Κατά τα στοιχεία, το ακαθάριστον εθνικόν προϊόν ηυξήθη κατά το 1964 εις ποσοστόν ανώτερον του προβλεφθέντος, ή δε γεωργική παραγωγή εσημείωσε σημαντικήν άνοδον.

ΑΥΞΗΣΙΣ ΕΙΣΟΔΗΜΑΤΟΣ

Κατά τα στοιχεία, το ακαθάριστον εθνικόν προϊόν ηυξήθη κατά το 1964 εις ποσοστόν ανώτερον του προβλεφθέντος, ή δε γεωργική παραγωγή εσημείωσε σημαντικήν άνοδον.

ΑΘΗΝΑΙ, 15.— Ο αντιπρόεδρος της κυβερνήσεως κ. Στεφανόπουλος, δι' ανακοινώσεώς του, αντικρούει τας αμφισβητήσεις περί της αυξήσεως του εθνικού εισοδήματος.

Κατά τα στοιχεία, το ακαθάριστον εθνικόν προϊόν ηυξήθη κατά το 1964 εις ποσοστόν ανώτερον του προβλεφθέντος, ή δε γεωργική παραγωγή εσημείωσε σημαντικήν άνοδον.

ΑΘΗΝΑΙ, 15.— Ο αντιπρόεδρος της κυβερνήσεως κ. Στεφανόπουλος, δι' ανακοινώσεώς του, αντικρούει τας αμφισβητήσεις περί της αυξήσεως του εθνικού εισοδήματος.

Κατά τα στοιχεία, το ακαθάριστον εθνικόν προϊόν ηυξήθη κατά το 1964 εις ποσοστόν ανώτερον του προβλεφθέντος, ή δε γεωργική παραγωγή εσημείωσε σημαντικήν άνοδον.

ΜΗΝΥΜΑ ΤΟΥ ΤΖΟΝΣΟΝ ΠΡΟΣ ΤΟ ΚΟΓΚΡΕΣΣΟ ΥΠΕΡ ΠΑΡΑΤΑΣΕΩΣ ΤΗΣ ΟΗΤΕΙΑΣ ΤΗΣ ΥΠΗΡΕΣΙΑΣ ΕΛΕΓΧΟΥ ΤΩΝ ΕΞΟΠΛΙΣΜΩΝ

ΟΥΑΣΙΓΚΤΩΝ, 15 (Ασ. Πρ.).— Ο πρόεδρος Τζόνσον απέστειλε μήνυμα προς το Κογκρέσσον, ζητών την παράτασιν της θητείας της υπηρεσίας ελέγχου των εξοπλισμών και αφοπλισμού.

ΟΥΑΣΙΓΚΤΩΝ, 15 (Ασ. Πρ.).— Ο πρόεδρος Τζόνσον απέστειλε μήνυμα προς το Κογκρέσσον, ζητών την παράτασιν της θητείας της υπηρεσίας ελέγχου των εξοπλισμών και αφοπλισμού.

ΟΥΑΣΙΓΚΤΩΝ, 15 (Ασ. Πρ.).— Ο πρόεδρος Τζόνσον απέστειλε μήνυμα προς το Κογκρέσσον, ζητών την παράτασιν της θητείας της υπηρεσίας ελέγχου των εξοπλισμών και αφοπλισμού.

ΟΥΑΣΙΓΚΤΩΝ, 15 (Ασ. Πρ.).— Ο πρόεδρος Τζόνσον απέστειλε μήνυμα προς το Κογκρέσσον, ζητών την παράτασιν της θητείας της υπηρεσίας ελέγχου των εξοπλισμών και αφοπλισμού.

ΠΟΙΑ ΤΑ ΑΠΑΙΤΟΥΜΕΝΑ ΔΙΚΑΙΟΛΟΓΗΤΙΚΑ ΔΙ' ΕΝΙΣΧΥΣΙΝ ΕΞΑΓΩΓΕΩΝ ΤΟΜΑΤΟΠΟΛΤΟΥ

ΑΘΗΝΑΙ, 15.— Υπό της Τραπέζης της Ελλάδος εξεδόθη εγκύκλιος, διά της όποίας καθορίζονται τα απαιτούμενα δικαιολογητικά διά την ενίσχυσιν των εξαγωγών τοματοπολτού.

ΑΘΗΝΑΙ, 15.— Υπό της Τραπέζης της Ελλάδος εξεδόθη εγκύκλιος, διά της όποίας καθορίζονται τα απαιτούμενα δικαιολογητικά διά την ενίσχυσιν των εξαγωγών τοματοπολτού.

Δεκάδες έκατομμυρίων δρ.
έπανεφέρθησαν
είς τό δημόσιον ταμεῖον
Βάσει καταλογιστικῶν πράξεων
ἐκτελεσθέντων ἔργων τῆς ΕΡΕ

ΑΘΗΝΑΙ, 15.— Ο υπουργός Δημοσίων Έργων κ. Χρ. Χατζησάββας, ανακοίνωσεν ότι επανεφέρθησαν εις το δημόσιον ταμείον δεκάδες εκατομμυρίων δραχμών, βάσει καταλογιστικών πράξεων επί έργων εκτελεσθέντων επί των κυβερνήσεων της ΕΡΕ.

Ο κ. Υπουργός προσέθεσεν ότι ό έλεγχος συνεχίζεται και ότι θα καταλογισθούν και άλλα ποσά εις βάρος των υπευθύνων.

ΑΘΗΝΑΙ, 15.— Ο υπουργός Δημοσίων Έργων κ. Χρ. Χατζησάββας, ανακοίνωσεν ότι επανεφέρθησαν εις το δημόσιον ταμείον δεκάδες εκατομμυρίων δραχμών, βάσει καταλογιστικών πράξεων επί έργων εκτελεσθέντων επί των κυβερνήσεων της ΕΡΕ.

Ο κ. Υπουργός προσέθεσεν ότι ό έλεγχος συνεχίζεται και ότι θα καταλογισθούν και άλλα ποσά εις βάρος των υπευθύνων.
